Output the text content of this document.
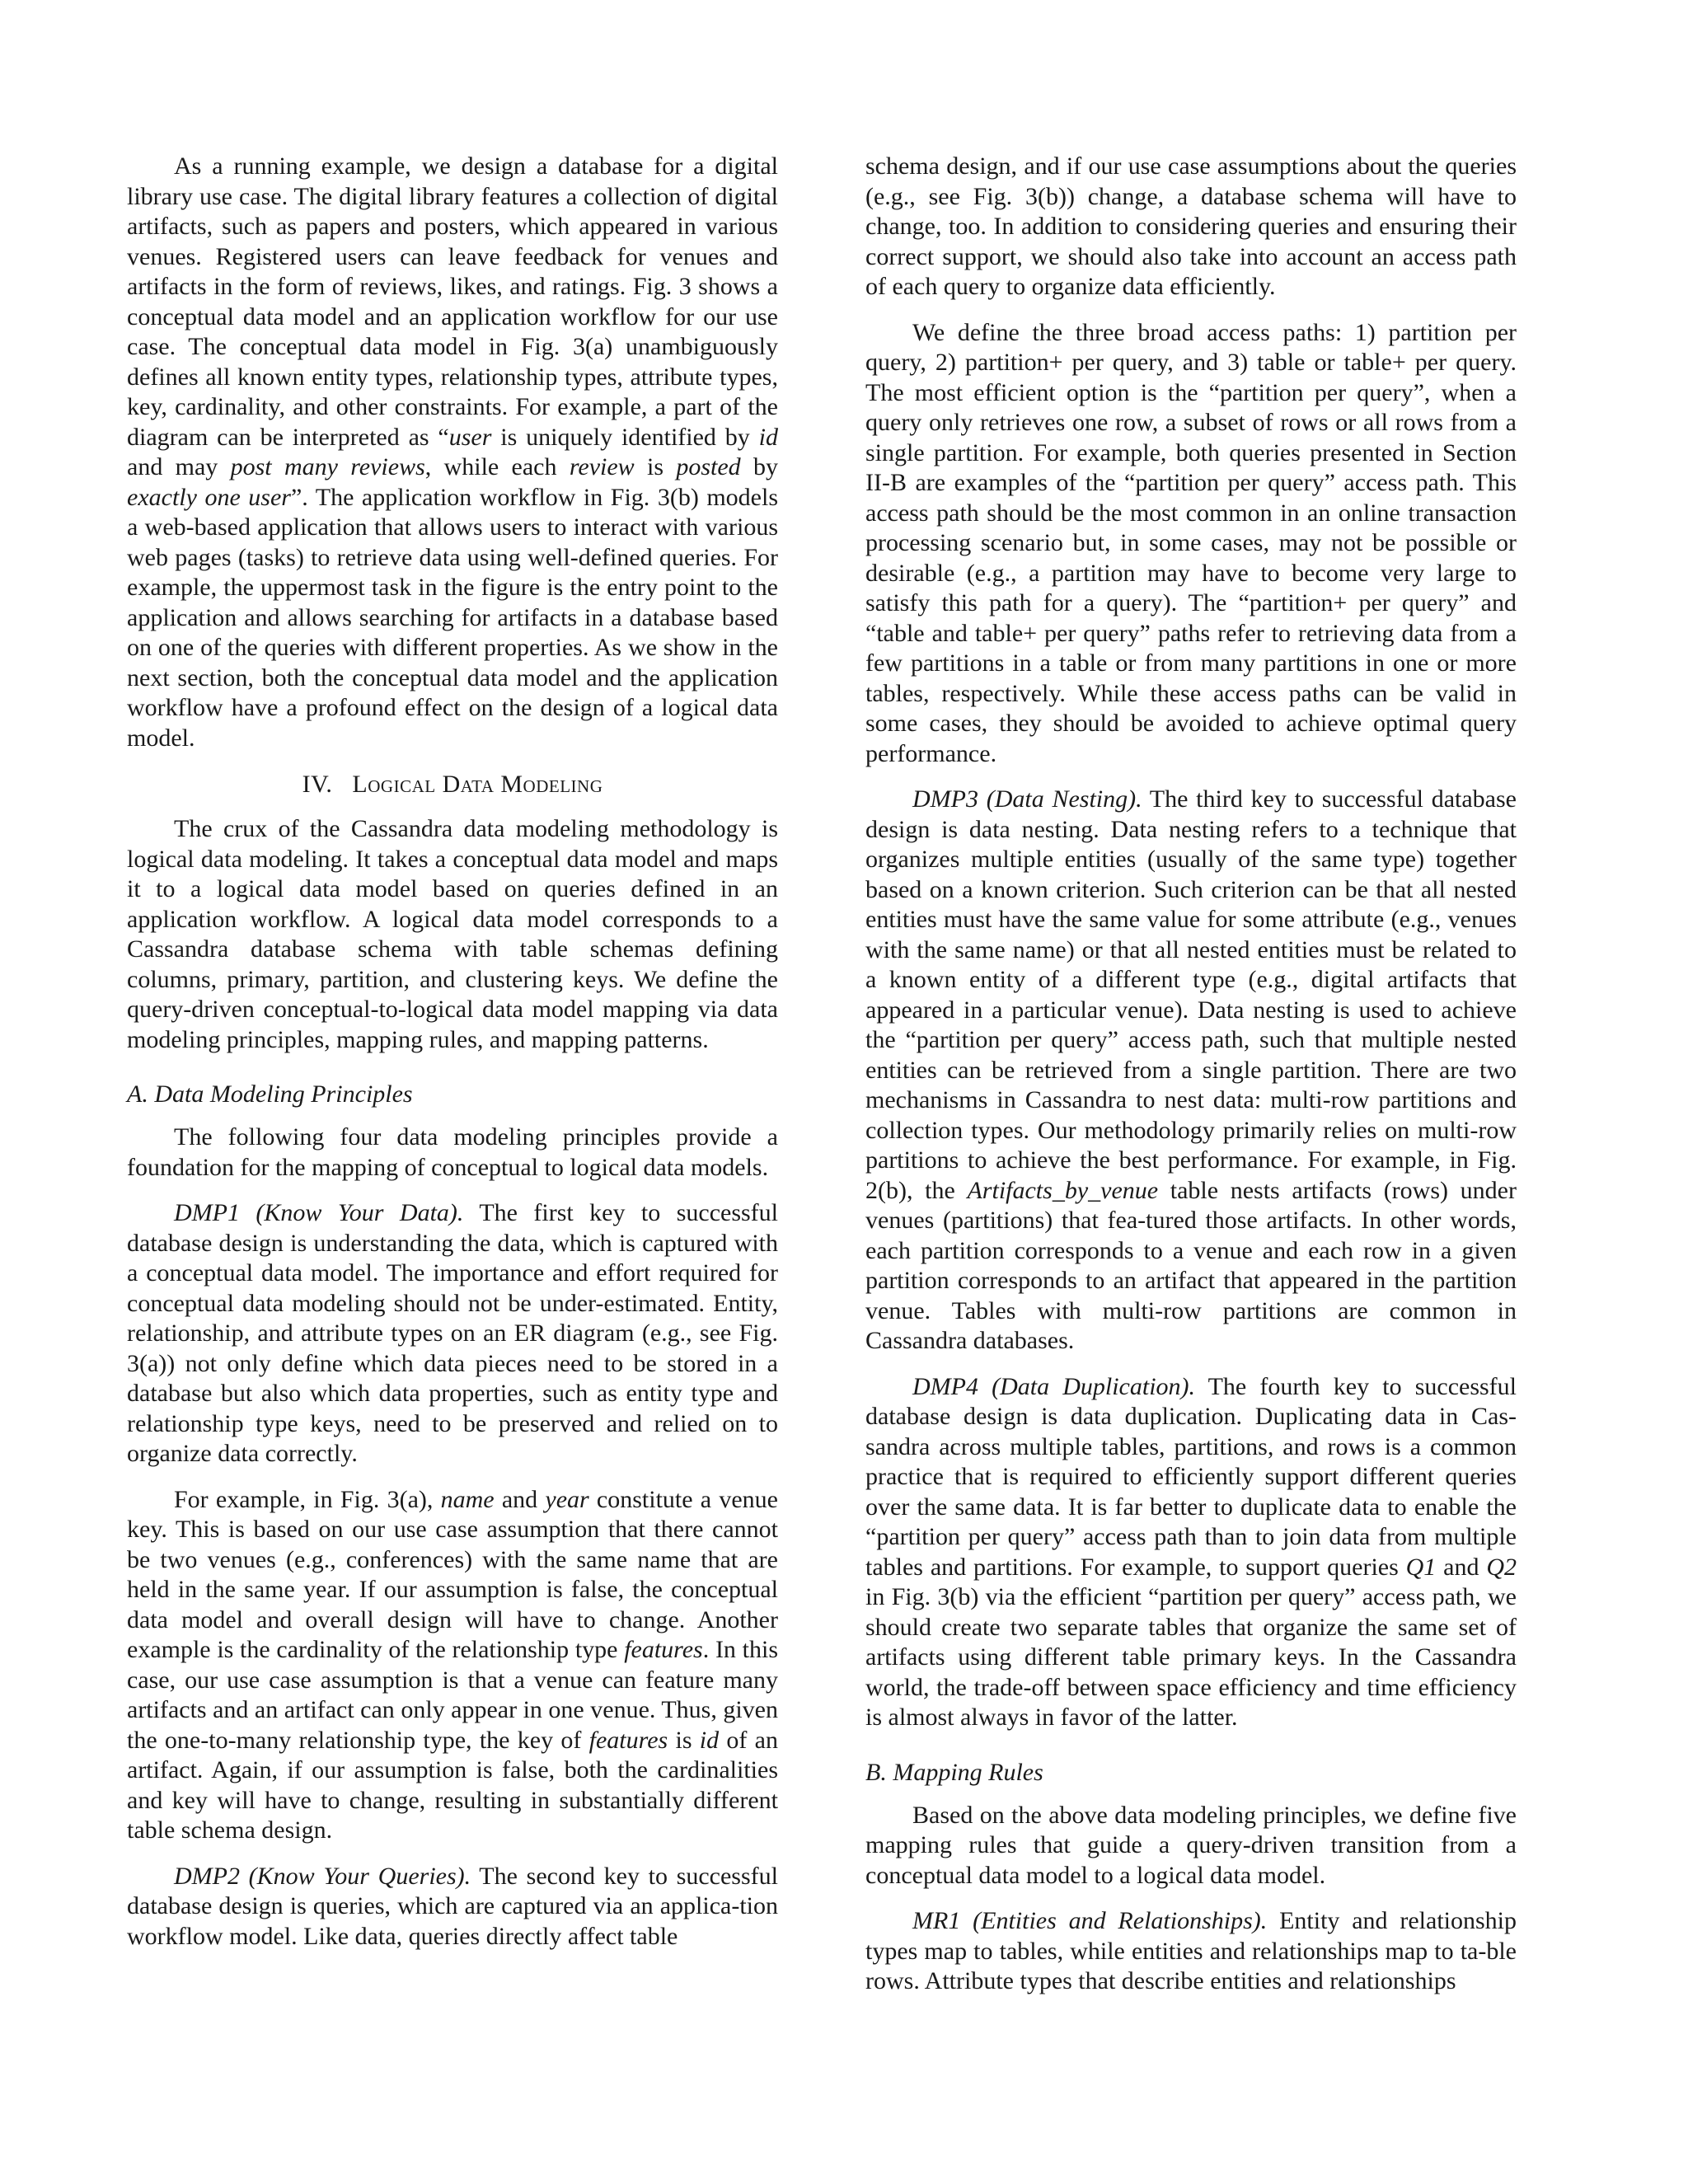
As a running example, we design a database for a digital library use case. The digital library features a collection of digital artifacts, such as papers and posters, which appeared in various venues. Registered users can leave feedback for venues and artifacts in the form of reviews, likes, and ratings. Fig. 3 shows a conceptual data model and an application workflow for our use case. The conceptual data model in Fig. 3(a) unambiguously defines all known entity types, relationship types, attribute types, key, cardinality, and other constraints. For example, a part of the diagram can be interpreted as “user is uniquely identified by id and may post many reviews, while each review is posted by exactly one user”. The application workflow in Fig. 3(b) models a web-based application that allows users to interact with various web pages (tasks) to retrieve data using well-defined queries. For example, the uppermost task in the figure is the entry point to the application and allows searching for artifacts in a database based on one of the queries with different properties. As we show in the next section, both the conceptual data model and the application workflow have a profound effect on the design of a logical data model.

IV. Logical Data Modeling

The crux of the Cassandra data modeling methodology is logical data modeling. It takes a conceptual data model and maps it to a logical data model based on queries defined in an application workflow. A logical data model corresponds to a Cassandra database schema with table schemas defining columns, primary, partition, and clustering keys. We define the query-driven conceptual-to-logical data model mapping via data modeling principles, mapping rules, and mapping patterns.

A. Data Modeling Principles

The following four data modeling principles provide a foundation for the mapping of conceptual to logical data models.

DMP1 (Know Your Data). The first key to successful database design is understanding the data, which is captured with a conceptual data model. The importance and effort required for conceptual data modeling should not be under-estimated. Entity, relationship, and attribute types on an ER diagram (e.g., see Fig. 3(a)) not only define which data pieces need to be stored in a database but also which data properties, such as entity type and relationship type keys, need to be preserved and relied on to organize data correctly.

For example, in Fig. 3(a), name and year constitute a venue key. This is based on our use case assumption that there cannot be two venues (e.g., conferences) with the same name that are held in the same year. If our assumption is false, the conceptual data model and overall design will have to change. Another example is the cardinality of the relationship type features. In this case, our use case assumption is that a venue can feature many artifacts and an artifact can only appear in one venue. Thus, given the one-to-many relationship type, the key of features is id of an artifact. Again, if our assumption is false, both the cardinalities and key will have to change, resulting in substantially different table schema design.

DMP2 (Know Your Queries). The second key to successful database design is queries, which are captured via an applica-tion workflow model. Like data, queries directly affect table

schema design, and if our use case assumptions about the queries (e.g., see Fig. 3(b)) change, a database schema will have to change, too. In addition to considering queries and ensuring their correct support, we should also take into account an access path of each query to organize data efficiently.

We define the three broad access paths: 1) partition per query, 2) partition+ per query, and 3) table or table+ per query. The most efficient option is the “partition per query”, when a query only retrieves one row, a subset of rows or all rows from a single partition. For example, both queries presented in Section II-B are examples of the “partition per query” access path. This access path should be the most common in an online transaction processing scenario but, in some cases, may not be possible or desirable (e.g., a partition may have to become very large to satisfy this path for a query). The “partition+ per query” and “table and table+ per query” paths refer to retrieving data from a few partitions in a table or from many partitions in one or more tables, respectively. While these access paths can be valid in some cases, they should be avoided to achieve optimal query performance.

DMP3 (Data Nesting). The third key to successful database design is data nesting. Data nesting refers to a technique that organizes multiple entities (usually of the same type) together based on a known criterion. Such criterion can be that all nested entities must have the same value for some attribute (e.g., venues with the same name) or that all nested entities must be related to a known entity of a different type (e.g., digital artifacts that appeared in a particular venue). Data nesting is used to achieve the “partition per query” access path, such that multiple nested entities can be retrieved from a single partition. There are two mechanisms in Cassandra to nest data: multi-row partitions and collection types. Our methodology primarily relies on multi-row partitions to achieve the best performance. For example, in Fig. 2(b), the Artifacts_by_venue table nests artifacts (rows) under venues (partitions) that fea-tured those artifacts. In other words, each partition corresponds to a venue and each row in a given partition corresponds to an artifact that appeared in the partition venue. Tables with multi-row partitions are common in Cassandra databases.

DMP4 (Data Duplication). The fourth key to successful database design is data duplication. Duplicating data in Cas-sandra across multiple tables, partitions, and rows is a common practice that is required to efficiently support different queries over the same data. It is far better to duplicate data to enable the “partition per query” access path than to join data from multiple tables and partitions. For example, to support queries Q1 and Q2 in Fig. 3(b) via the efficient “partition per query” access path, we should create two separate tables that organize the same set of artifacts using different table primary keys. In the Cassandra world, the trade-off between space efficiency and time efficiency is almost always in favor of the latter.

B. Mapping Rules

Based on the above data modeling principles, we define five mapping rules that guide a query-driven transition from a conceptual data model to a logical data model.

MR1 (Entities and Relationships). Entity and relationship types map to tables, while entities and relationships map to ta-ble rows. Attribute types that describe entities and relationships
